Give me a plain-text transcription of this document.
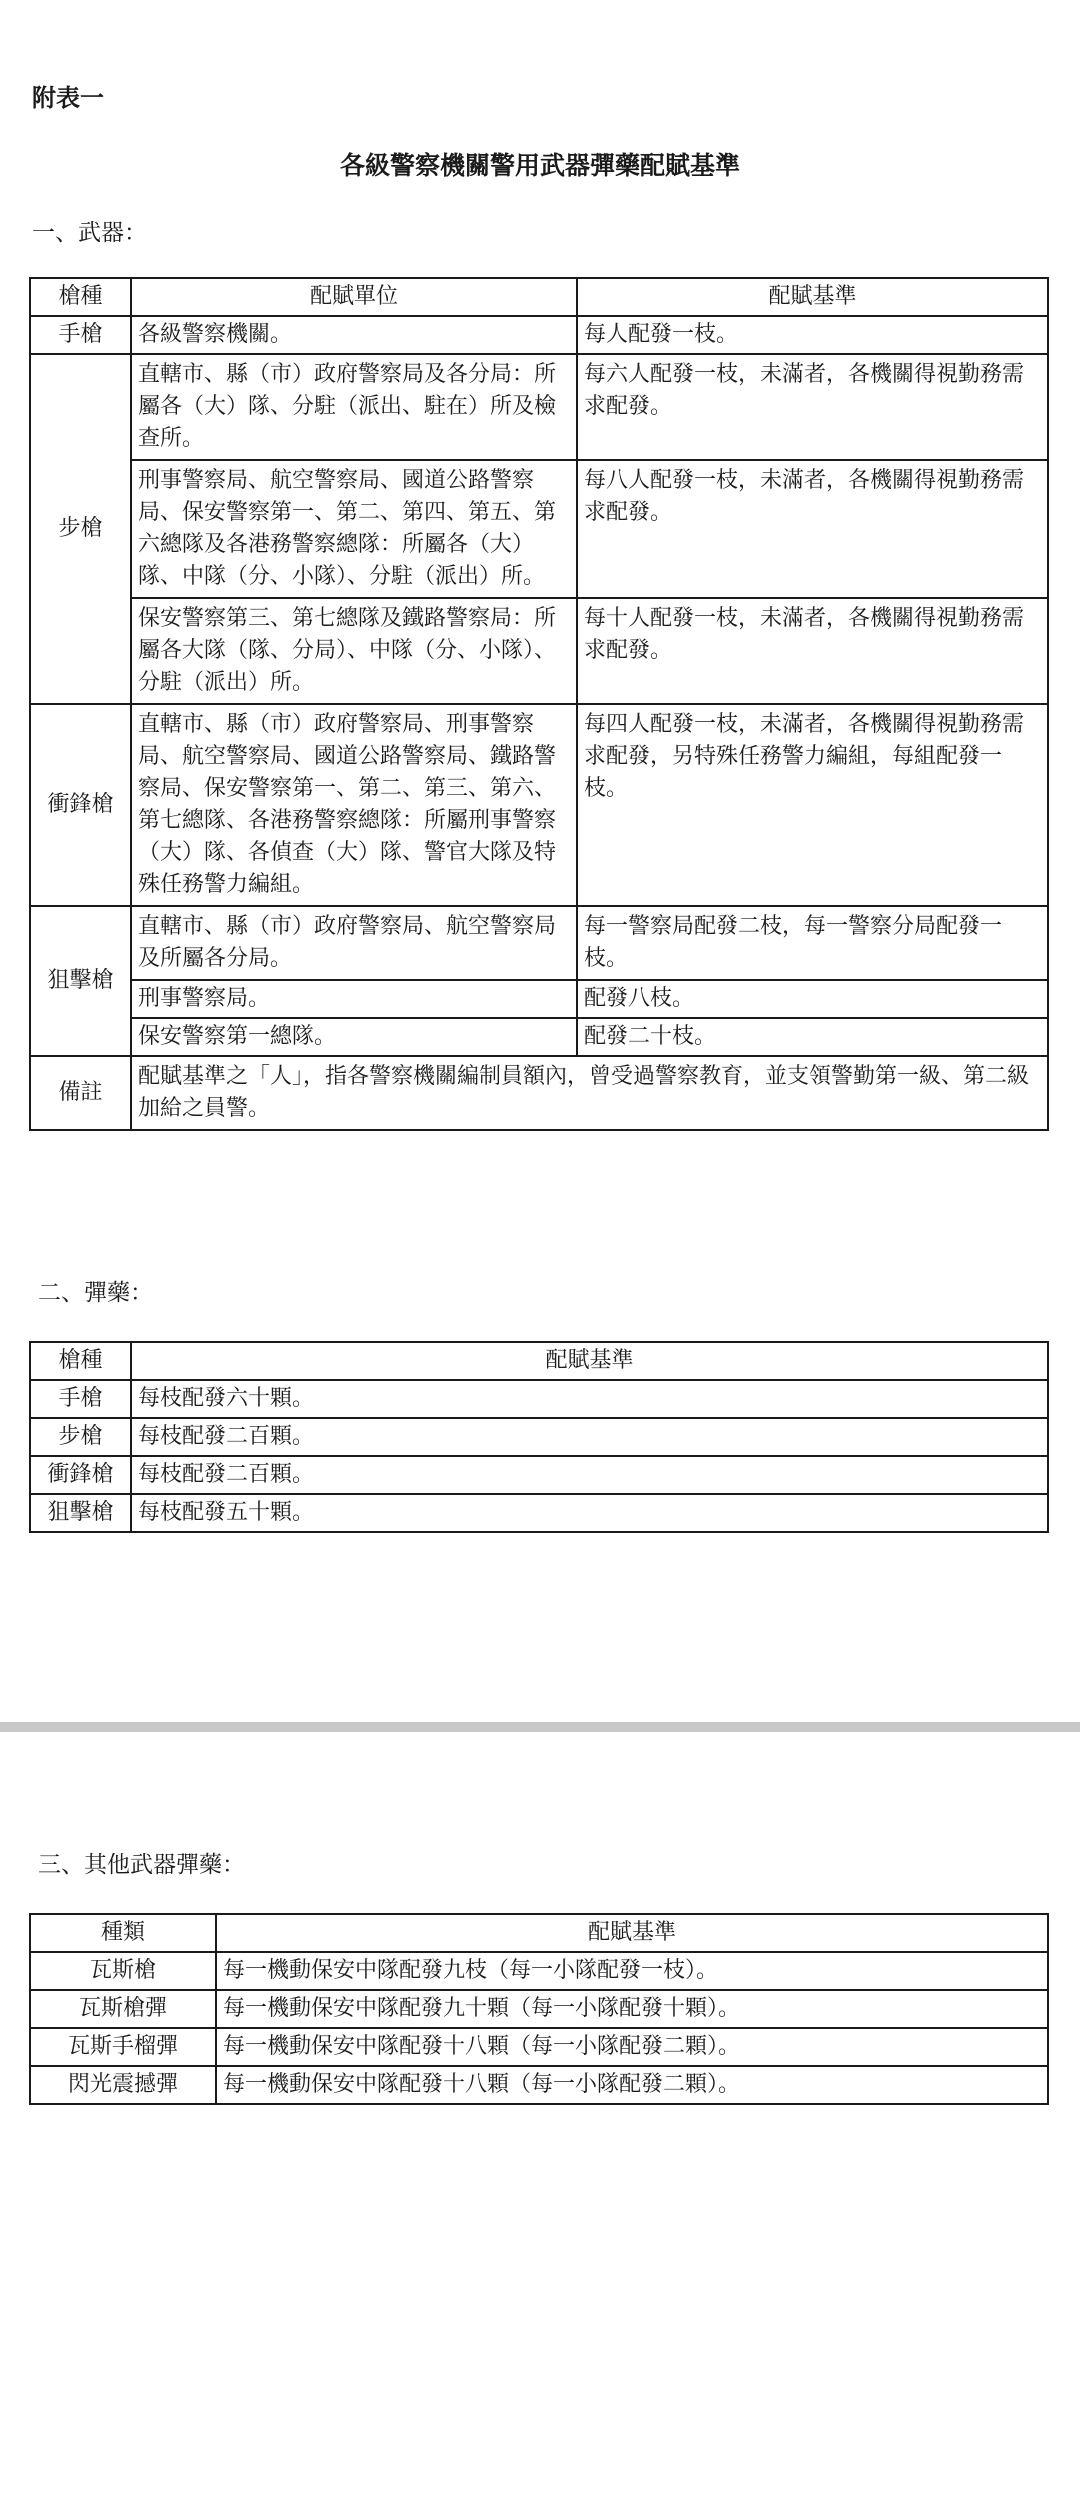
附表一

各級警察機關警用武器彈藥配賦基準

一、武器：

槍種	配賦單位	配賦基準
手槍	各級警察機關。	每人配發一枝。
步槍	直轄市、縣（市）政府警察局及各分局：所屬各（大）隊、分駐（派出、駐在）所及檢查所。	每六人配發一枝，未滿者，各機關得視勤務需求配發。
	刑事警察局、航空警察局、國道公路警察局、保安警察第一、第二、第四、第五、第六總隊及各港務警察總隊：所屬各（大）隊、中隊（分、小隊）、分駐（派出）所。	每八人配發一枝，未滿者，各機關得視勤務需求配發。
	保安警察第三、第七總隊及鐵路警察局：所屬各大隊（隊、分局）、中隊（分、小隊）、分駐（派出）所。	每十人配發一枝，未滿者，各機關得視勤務需求配發。
衝鋒槍	直轄市、縣（市）政府警察局、刑事警察局、航空警察局、國道公路警察局、鐵路警察局、保安警察第一、第二、第三、第六、第七總隊、各港務警察總隊：所屬刑事警察（大）隊、各偵查（大）隊、警官大隊及特殊任務警力編組。	每四人配發一枝，未滿者，各機關得視勤務需求配發，另特殊任務警力編組，每組配發一枝。
狙擊槍	直轄市、縣（市）政府警察局、航空警察局及所屬各分局。	每一警察局配發二枝，每一警察分局配發一枝。
	刑事警察局。	配發八枝。
	保安警察第一總隊。	配發二十枝。
備註	配賦基準之「人」，指各警察機關編制員額內，曾受過警察教育，並支領警勤第一級、第二級加給之員警。	

二、彈藥：

槍種	配賦基準
手槍	每枝配發六十顆。
步槍	每枝配發二百顆。
衝鋒槍	每枝配發二百顆。
狙擊槍	每枝配發五十顆。

三、其他武器彈藥：

種類	配賦基準
瓦斯槍	每一機動保安中隊配發九枝（每一小隊配發一枝）。
瓦斯槍彈	每一機動保安中隊配發九十顆（每一小隊配發十顆）。
瓦斯手榴彈	每一機動保安中隊配發十八顆（每一小隊配發二顆）。
閃光震撼彈	每一機動保安中隊配發十八顆（每一小隊配發二顆）。
